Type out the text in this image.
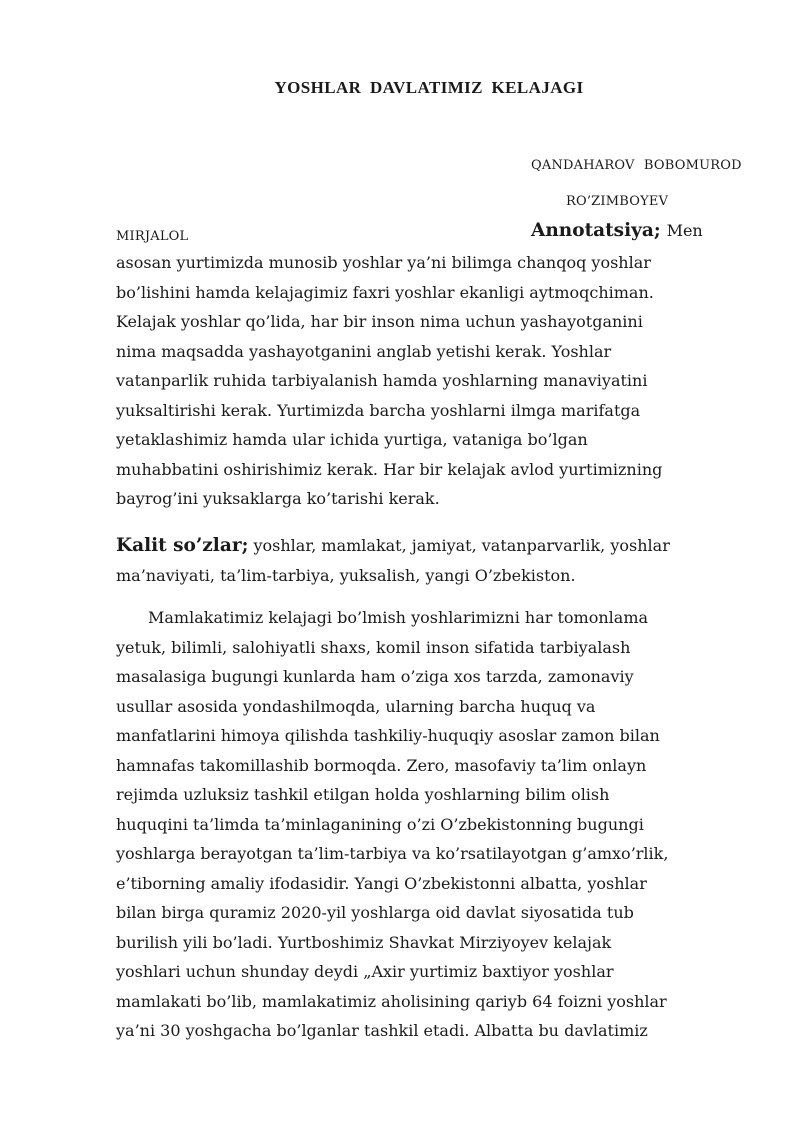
YOSHLAR DAVLATIMIZ KELAJAGI
QANDAHAROV BOBOMUROD
RO’ZIMBOYEV
MIRJALOL	Annotatsiya; Men
asosan yurtimizda munosib yoshlar ya’ni bilimga chanqoq yoshlar
bo’lishini hamda kelajagimiz faxri yoshlar ekanligi aytmoqchiman.
Kelajak yoshlar qo’lida, har bir inson nima uchun yashayotganini
nima maqsadda yashayotganini anglab yetishi kerak. Yoshlar
vatanparlik ruhida tarbiyalanish hamda yoshlarning manaviyatini
yuksaltirishi kerak. Yurtimizda barcha yoshlarni ilmga marifatga
yetaklashimiz hamda ular ichida yurtiga, vataniga bo’lgan
muhabbatini oshirishimiz kerak. Har bir kelajak avlod yurtimizning
bayrog’ini yuksaklarga ko’tarishi kerak.
Kalit so’zlar; yoshlar, mamlakat, jamiyat, vatanparvarlik, yoshlar
ma’naviyati, ta’lim-tarbiya, yuksalish, yangi O’zbekiston.
Mamlakatimiz kelajagi bo’lmish yoshlarimizni har tomonlama
yetuk, bilimli, salohiyatli shaxs, komil inson sifatida tarbiyalash
masalasiga bugungi kunlarda ham o’ziga xos tarzda, zamonaviy
usullar asosida yondashilmoqda, ularning barcha huquq va
manfatlarini himoya qilishda tashkiliy-huquqiy asoslar zamon bilan
hamnafas takomillashib bormoqda. Zero, masofaviy ta’lim onlayn
rejimda uzluksiz tashkil etilgan holda yoshlarning bilim olish
huquqini ta’limda ta’minlaganining o’zi O’zbekistonning bugungi
yoshlarga berayotgan ta’lim-tarbiya va ko’rsatilayotgan g’amxo’rlik,
e’tiborning amaliy ifodasidir. Yangi O’zbekistonni albatta, yoshlar
bilan birga quramiz 2020-yil yoshlarga oid davlat siyosatida tub
burilish yili bo’ladi. Yurtboshimiz Shavkat Mirziyoyev kelajak
yoshlari uchun shunday deydi „Axir yurtimiz baxtiyor yoshlar
mamlakati bo’lib, mamlakatimiz aholisining qariyb 64 foizni yoshlar
ya’ni 30 yoshgacha bo’lganlar tashkil etadi. Albatta bu davlatimiz
